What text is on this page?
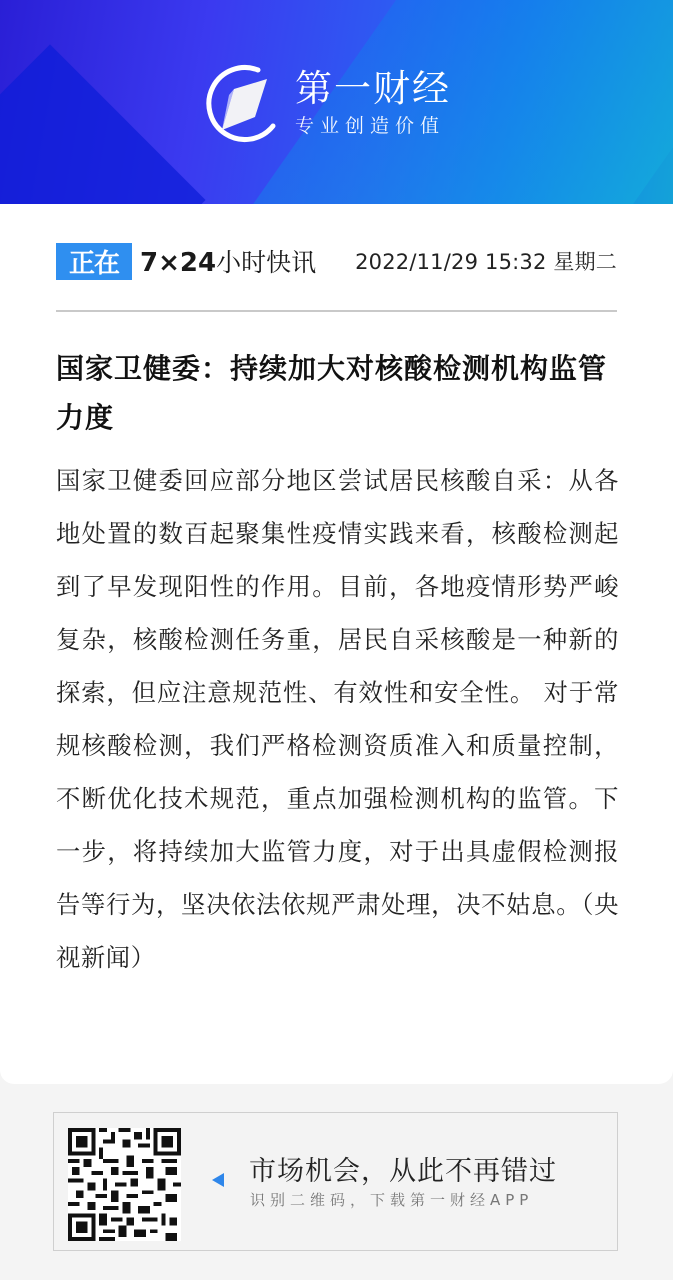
第一财经
专业创造价值
正在 7×24 小时快讯 2022/11/29 15:32 星期二
国家卫健委：持续加大对核酸检测机构监管力度

国家卫健委回应部分地区尝试居民核酸自采：从各地处置的数百起聚集性疫情实践来看，核酸检测起到了早发现阳性的作用。目前，各地疫情形势严峻复杂，核酸检测任务重，居民自采核酸是一种新的探索，但应注意规范性、有效性和安全性。 对于常规核酸检测，我们严格检测资质准入和质量控制，不断优化技术规范，重点加强检测机构的监管。下一步，将持续加大监管力度，对于出具虚假检测报告等行为，坚决依法依规严肃处理，决不姑息。（央视新闻）

市场机会，从此不再错过
识别二维码，下载第一财经APP
